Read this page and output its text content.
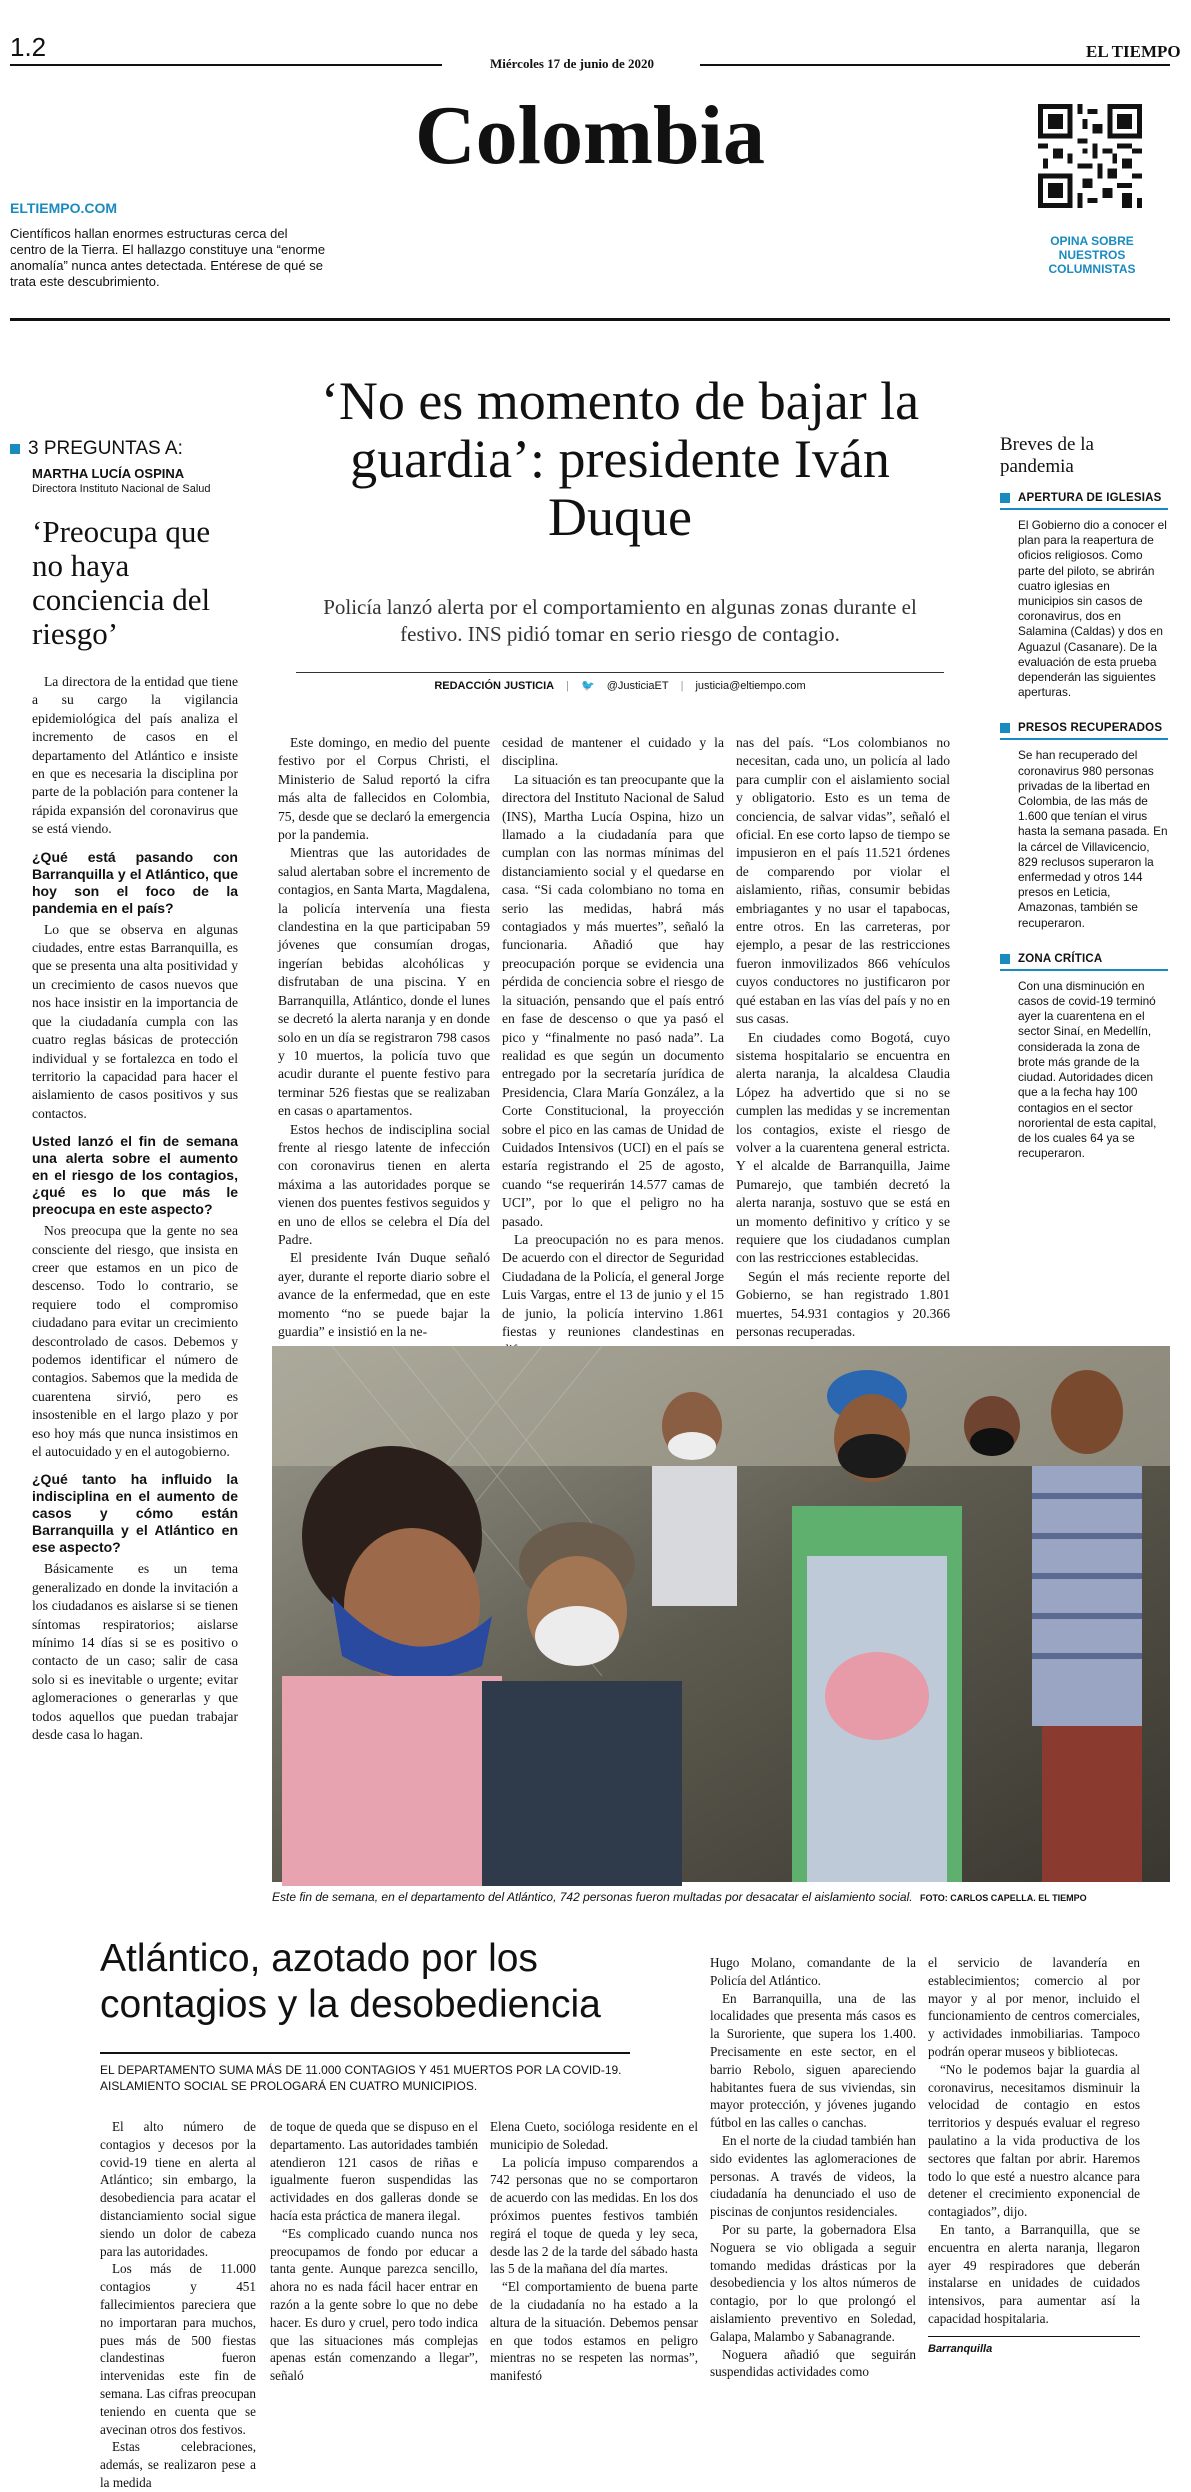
1.2
Miércoles 17 de junio de 2020
EL TIEMPO
Colombia
ELTIEMPO.COM
Científicos hallan enormes estructuras cerca del centro de la Tierra. El hallazgo constituye una “enorme anomalía” nunca antes detectada. Entérese de qué se trata este descubrimiento.
OPINA SOBRE NUESTROS COLUMNISTAS
3 PREGUNTAS A:
MARTHA LUCÍA OSPINA
Directora Instituto Nacional de Salud
‘Preocupa que no haya conciencia del riesgo’

La directora de la entidad que tiene a su cargo la vigilancia epidemiológica del país analiza el incremento de casos en el departamento del Atlántico e insiste en que es necesaria la disciplina por parte de la población para contener la rápida expansión del coronavirus que se está viendo.

¿Qué está pasando con Barranquilla y el Atlántico, que hoy son el foco de la pandemia en el país?

Lo que se observa en algunas ciudades, entre estas Barranquilla, es que se presenta una alta positividad y un crecimiento de casos nuevos que nos hace insistir en la importancia de que la ciudadanía cumpla con las cuatro reglas básicas de protección individual y se fortalezca en todo el territorio la capacidad para hacer el aislamiento de casos positivos y sus contactos.

Usted lanzó el fin de semana una alerta sobre el aumento en el riesgo de los contagios, ¿qué es lo que más le preocupa en este aspecto?

Nos preocupa que la gente no sea consciente del riesgo, que insista en creer que estamos en un pico de descenso. Todo lo contrario, se requiere todo el compromiso ciudadano para evitar un crecimiento descontrolado de casos. Debemos y podemos identificar el número de contagios. Sabemos que la medida de cuarentena sirvió, pero es insostenible en el largo plazo y por eso hoy más que nunca insistimos en el autocuidado y en el autogobierno.

¿Qué tanto ha influido la indisciplina en el aumento de casos y cómo están Barranquilla y el Atlántico en ese aspecto?

Básicamente es un tema generalizado en donde la invitación a los ciudadanos es aislarse si se tienen síntomas respiratorios; aislarse mínimo 14 días si se es positivo o contacto de un caso; salir de casa solo si es inevitable o urgente; evitar aglomeraciones o generarlas y que todos aquellos que puedan trabajar desde casa lo hagan.

‘No es momento de bajar la guardia’: presidente Iván Duque
Policía lanzó alerta por el comportamiento en algunas zonas durante el festivo. INS pidió tomar en serio riesgo de contagio.
REDACCIÓN JUSTICIA | 🐦 @JusticiaET | justicia@eltiempo.com

Este domingo, en medio del puente festivo por el Corpus Christi, el Ministerio de Salud reportó la cifra más alta de fallecidos en Colombia, 75, desde que se declaró la emergencia por la pandemia.

Mientras que las autoridades de salud alertaban sobre el incremento de contagios, en Santa Marta, Magdalena, la policía intervenía una fiesta clandestina en la que participaban 59 jóvenes que consumían drogas, ingerían bebidas alcohólicas y disfrutaban de una piscina. Y en Barranquilla, Atlántico, donde el lunes se decretó la alerta naranja y en donde solo en un día se registraron 798 casos y 10 muertos, la policía tuvo que acudir durante el puente festivo para terminar 526 fiestas que se realizaban en casas o apartamentos.

Estos hechos de indisciplina social frente al riesgo latente de infección con coronavirus tienen en alerta máxima a las autoridades porque se vienen dos puentes festivos seguidos y en uno de ellos se celebra el Día del Padre.

El presidente Iván Duque señaló ayer, durante el reporte diario sobre el avance de la enfermedad, que en este momento “no se puede bajar la guardia” e insistió en la ne-

cesidad de mantener el cuidado y la disciplina.

La situación es tan preocupante que la directora del Instituto Nacional de Salud (INS), Martha Lucía Ospina, hizo un llamado a la ciudadanía para que cumplan con las normas mínimas del distanciamiento social y el quedarse en casa. “Si cada colombiano no toma en serio las medidas, habrá más contagiados y más muertes”, señaló la funcionaria. Añadió que hay preocupación porque se evidencia una pérdida de conciencia sobre el riesgo de la situación, pensando que el país entró en fase de descenso o que ya pasó el pico y “finalmente no pasó nada”. La realidad es que según un documento entregado por la secretaría jurídica de Presidencia, Clara María González, a la Corte Constitucional, la proyección sobre el pico en las camas de Unidad de Cuidados Intensivos (UCI) en el país se estaría registrando el 25 de agosto, cuando “se requerirán 14.577 camas de UCI”, por lo que el peligro no ha pasado.

La preocupación no es para menos. De acuerdo con el director de Seguridad Ciudadana de la Policía, el general Jorge Luis Vargas, entre el 13 de junio y el 15 de junio, la policía intervino 1.861 fiestas y reuniones clandestinas en

nas del país. “Los colombianos no necesitan, cada uno, un policía al lado para cumplir con el aislamiento social y obligatorio. Esto es un tema de conciencia, de salvar vidas”, señaló el oficial. En ese corto lapso de tiempo se impusieron en el país 11.521 órdenes de comparendo por violar el aislamiento, riñas, consumir bebidas embriagantes y no usar el tapabocas, entre otros. En las carreteras, por ejemplo, a pesar de las restricciones fueron inmovilizados 866 vehículos cuyos conductores no justificaron por qué estaban en las vías del país y no en sus casas.

En ciudades como Bogotá, cuyo sistema hospitalario se encuentra en alerta naranja, la alcaldesa Claudia López ha advertido que si no se cumplen las medidas y se incrementan los contagios, existe el riesgo de volver a la cuarentena general estricta. Y el alcalde de Barranquilla, Jaime Pumarejo, que también decretó la alerta naranja, sostuvo que se está en un momento definitivo y crítico y se requiere que los ciudadanos cumplan con las restricciones establecidas.

Según el más reciente reporte del Gobierno, se han registrado 1.801 muertes, 54.931 contagios y 20.366 personas recuperadas.

Breves de la pandemia
APERTURA DE IGLESIAS
El Gobierno dio a conocer el plan para la reapertura de oficios religiosos. Como parte del piloto, se abrirán cuatro iglesias en municipios sin casos de coronavirus, dos en Salamina (Caldas) y dos en Aguazul (Casanare). De la evaluación de esta prueba dependerán las siguientes aperturas.
PRESOS RECUPERADOS
Se han recuperado del coronavirus 980 personas privadas de la libertad en Colombia, de las más de 1.600 que tenían el virus hasta la semana pasada. En la cárcel de Villavicencio, 829 reclusos superaron la enfermedad y otros 144 presos en Leticia, Amazonas, también se recuperaron.
ZONA CRÍTICA
Con una disminución en casos de covid-19 terminó ayer la cuarentena en el sector Sinaí, en Medellín, considerada la zona de brote más grande de la ciudad. Autoridades dicen que a la fecha hay 100 contagios en el sector nororiental de esta capital, de los cuales 64 ya se recuperaron.
Este fin de semana, en el departamento del Atlántico, 742 personas fueron multadas por desacatar el aislamiento social. FOTO: CARLOS CAPELLA. EL TIEMPO
Atlántico, azotado por los contagios y la desobediencia
EL DEPARTAMENTO SUMA MÁS DE 11.000 CONTAGIOS Y 451 MUERTOS POR LA COVID-19. AISLAMIENTO SOCIAL SE PROLOGARÁ EN CUATRO MUNICIPIOS.

El alto número de contagios y decesos por la covid-19 tiene en alerta al Atlántico; sin embargo, la desobediencia para acatar el distanciamiento social sigue siendo un dolor de cabeza para las autoridades.

Los más de 11.000 contagios y 451 fallecimientos pareciera que no importaran para muchos, pues más de 500 fiestas clandestinas fueron intervenidas este fin de semana. Las cifras preocupan teniendo en cuenta que se avecinan otros dos festivos.

Estas celebraciones, además, se realizaron pese a la medida

de toque de queda que se dispuso en el departamento. Las autoridades también atendieron 121 casos de riñas e igualmente fueron suspendidas las actividades en dos galleras donde se hacía esta práctica de manera ilegal.

“Es complicado cuando nunca nos preocupamos de fondo por educar a tanta gente. Aunque parezca sencillo, ahora no es nada fácil hacer entrar en razón a la gente sobre lo que no debe hacer. Es duro y cruel, pero todo indica que las situaciones más complejas apenas están comenzando a llegar”, señaló

Elena Cueto, socióloga residente en el municipio de Soledad.

La policía impuso comparendos a 742 personas que no se comportaron de acuerdo con las medidas. En los dos próximos puentes festivos también regirá el toque de queda y ley seca, desde las 2 de la tarde del sábado hasta las 5 de la mañana del día martes.

“El comportamiento de buena parte de la ciudadanía no ha estado a la altura de la situación. Debemos pensar en que todos estamos en peligro mientras no se respeten las normas”, manifestó

Hugo Molano, comandante de la Policía del Atlántico.

En Barranquilla, una de las localidades que presenta más casos es la Suroriente, que supera los 1.400. Precisamente en este sector, en el barrio Rebolo, siguen apareciendo habitantes fuera de sus viviendas, sin mayor protección, y jóvenes jugando fútbol en las calles o canchas.

En el norte de la ciudad también han sido evidentes las aglomeraciones de personas. A través de videos, la ciudadanía ha denunciado el uso de piscinas de conjuntos residenciales.

Por su parte, la gobernadora Elsa Noguera se vio obligada a seguir tomando medidas drásticas por la desobediencia y los altos números de contagio, por lo que prolongó el aislamiento preventivo en Soledad, Galapa, Malambo y Sabanagrande.

Noguera añadió que seguirán suspendidas actividades como

el servicio de lavandería en establecimientos; comercio al por mayor y al por menor, incluido el funcionamiento de centros comerciales, y actividades inmobiliarias. Tampoco podrán operar museos y bibliotecas.

“No le podemos bajar la guardia al coronavirus, necesitamos disminuir la velocidad de contagio en estos territorios y después evaluar el regreso paulatino a la vida productiva de los sectores que faltan por abrir. Haremos todo lo que esté a nuestro alcance para detener el crecimiento exponencial de contagiados”, dijo.

En tanto, a Barranquilla, que se encuentra en alerta naranja, llegaron ayer 49 respiradores que deberán instalarse en unidades de cuidados intensivos, para aumentar así la capacidad hospitalaria.

Barranquilla
